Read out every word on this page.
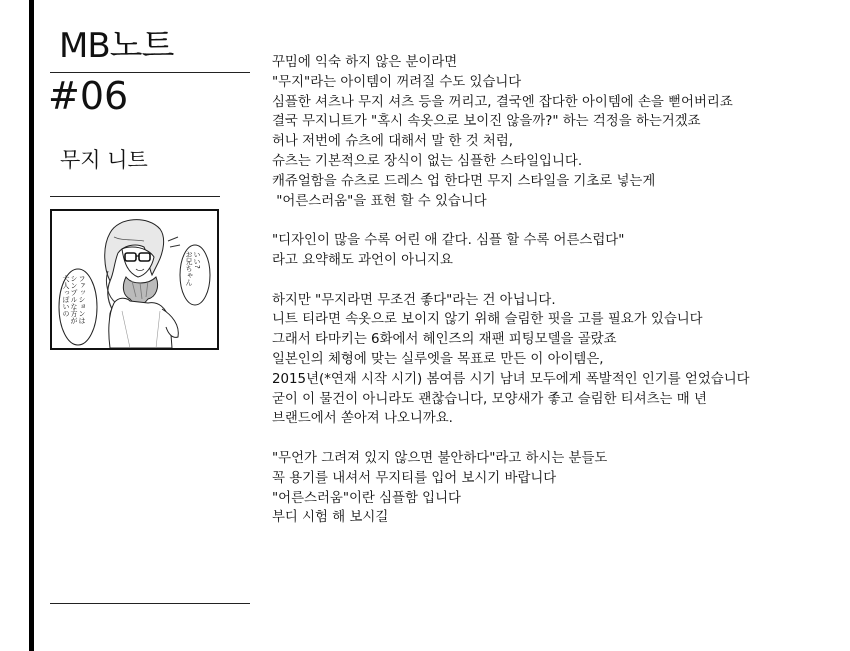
MB노트
#06
무지 니트
いい?
お兄ちゃん
ファッションは
シンプルな方が
大人っぽいの
꾸밈에 익숙 하지 않은 분이라면
"무지"라는 아이템이 꺼려질 수도 있습니다
심플한 셔츠나 무지 셔츠 등을 꺼리고, 결국엔 잡다한 아이템에 손을 뻗어버리죠
결국 무지니트가 "혹시 속옷으로 보이진 않을까?" 하는 걱정을 하는거겠죠
허나 저번에 슈츠에 대해서 말 한 것 처럼,
슈츠는 기본적으로 장식이 없는 심플한 스타일입니다.
캐쥬얼함을 슈츠로 드레스 업 한다면 무지 스타일을 기초로 넣는게
"어른스러움"을 표현 할 수 있습니다
"디자인이 많을 수록 어린 애 같다. 심플 할 수록 어른스럽다"
라고 요약해도 과언이 아니지요
하지만 "무지라면 무조건 좋다"라는 건 아닙니다.
니트 티라면 속옷으로 보이지 않기 위해 슬림한 핏을 고를 필요가 있습니다
그래서 타마키는 6화에서 헤인즈의 재팬 피팅모델을 골랐죠
일본인의 체형에 맞는 실루엣을 목표로 만든 이 아이템은,
2015년(*연재 시작 시기) 봄여름 시기 남녀 모두에게 폭발적인 인기를 얻었습니다
굳이 이 물건이 아니라도 괜찮습니다, 모양새가 좋고 슬림한 티셔츠는 매 년
브랜드에서 쏟아져 나오니까요.
"무언가 그려져 있지 않으면 불안하다"라고 하시는 분들도
꼭 용기를 내셔서 무지티를 입어 보시기 바랍니다
"어른스러움"이란 심플함 입니다
부디 시험 해 보시길
